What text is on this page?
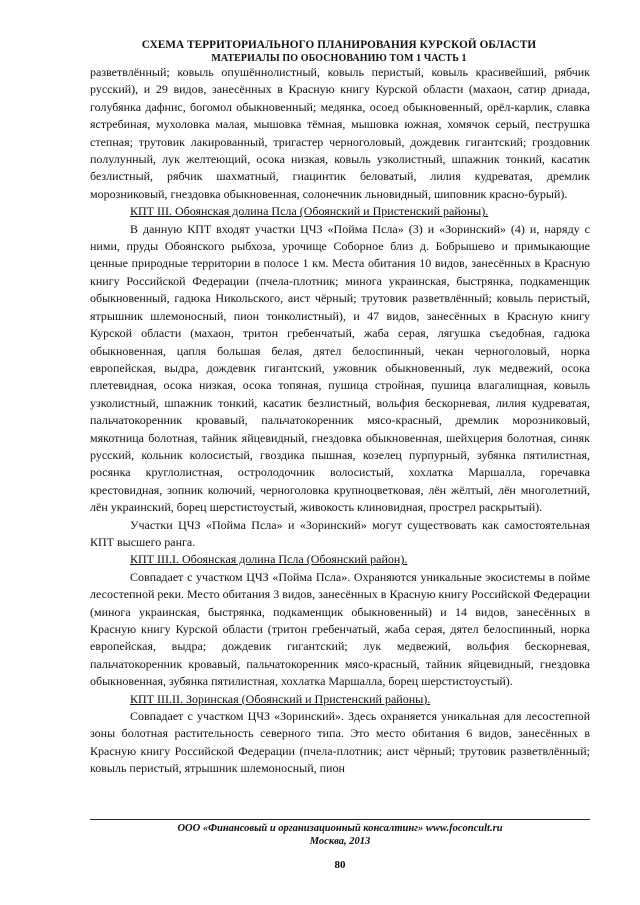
СХЕМА ТЕРРИТОРИАЛЬНОГО ПЛАНИРОВАНИЯ КУРСКОЙ ОБЛАСТИ
МАТЕРИАЛЫ ПО ОБОСНОВАНИЮ ТОМ 1 ЧАСТЬ 1

разветвлённый; ковыль опушённолистный, ковыль перистый, ковыль красивейший, рябчик русский), и 29 видов, занесённых в Красную книгу Курской области (махаон, сатир дриада, голубянка дафнис, богомол обыкновенный; медянка, осоед обыкновенный, орёл-карлик, славка ястребиная, мухоловка малая, мышовка тёмная, мышовка южная, хомячок серый, пеструшка степная; трутовик лакированный, тригастер черноголовый, дождевик гигантский; гроздовник полулунный, лук желтеющий, осока низкая, ковыль узколистный, шпажник тонкий, касатик безлистный, рябчик шахматный, гиацинтик беловатый, лилия кудреватая, дремлик морозниковый, гнездовка обыкновенная, солонечник льновидный, шиповник красно-бурый).

КПТ III. Обоянская долина Псла (Обоянский и Пристенский районы).

В данную КПТ входят участки ЦЧЗ «Пойма Псла» (3) и «Зоринский» (4) и, наряду с ними, пруды Обоянского рыбхоза, урочище Соборное близ д. Бобрышево и примыкающие ценные природные территории в полосе 1 км. Места обитания 10 видов, занесённых в Красную книгу Российской Федерации (пчела-плотник; минога украинская, быстрянка, подкаменщик обыкновенный, гадюка Никольского, аист чёрный; трутовик разветвлённый; ковыль перистый, ятрышник шлемоносный, пион тонколистный), и 47 видов, занесённых в Красную книгу Курской области (махаон, тритон гребенчатый, жаба серая, лягушка съедобная, гадюка обыкновенная, цапля большая белая, дятел белоспинный, чекан черноголовый, норка европейская, выдра, дождевик гигантский, ужовник обыкновенный, лук медвежий, осока плетевидная, осока низкая, осока топяная, пушица стройная, пушица влагалищная, ковыль узколистный, шпажник тонкий, касатик безлистный, вольфия бескорневая, лилия кудреватая, пальчатокоренник кровавый, пальчатокоренник мясо-красный, дремлик морозниковый, мякотница болотная, тайник яйцевидный, гнездовка обыкновенная, шейхцерия болотная, синяк русский, кольник колосистый, гвоздика пышная, козелец пурпурный, зубянка пятилистная, росянка круглолистная, остролодочник волосистый, хохлатка Маршалла, горечавка крестовидная, зопник колючий, черноголовка крупноцветковая, лён жёлтый, лён многолетний, лён украинский, борец шерстистоустый, живокость клиновидная, прострел раскрытый).

Участки ЦЧЗ «Пойма Псла» и «Зоринский» могут существовать как самостоятельная КПТ высшего ранга.

КПТ III.I. Обоянская долина Псла (Обоянский район).

Совпадает с участком ЦЧЗ «Пойма Псла». Охраняются уникальные экосистемы в пойме лесостепной реки. Место обитания 3 видов, занесённых в Красную книгу Российской Федерации (минога украинская, быстрянка, подкаменщик обыкновенный) и 14 видов, занесённых в Красную книгу Курской области (тритон гребенчатый, жаба серая, дятел белоспинный, норка европейская, выдра; дождевик гигантский; лук медвежий, вольфия бескорневая, пальчатокоренник кровавый, пальчатокоренник мясо-красный, тайник яйцевидный, гнездовка обыкновенная, зубянка пятилистная, хохлатка Маршалла, борец шерстистоустый).

КПТ III.II. Зоринская (Обоянский и Пристенский районы).

Совпадает с участком ЦЧЗ «Зоринский». Здесь охраняется уникальная для лесостепной зоны болотная растительность северного типа. Это место обитания 6 видов, занесённых в Красную книгу Российской Федерации (пчела-плотник; аист чёрный; трутовик разветвлённый; ковыль перистый, ятрышник шлемоносный, пион

ООО «Финансовый и организационный консалтинг» www.foconcult.ru
Москва, 2013
80
